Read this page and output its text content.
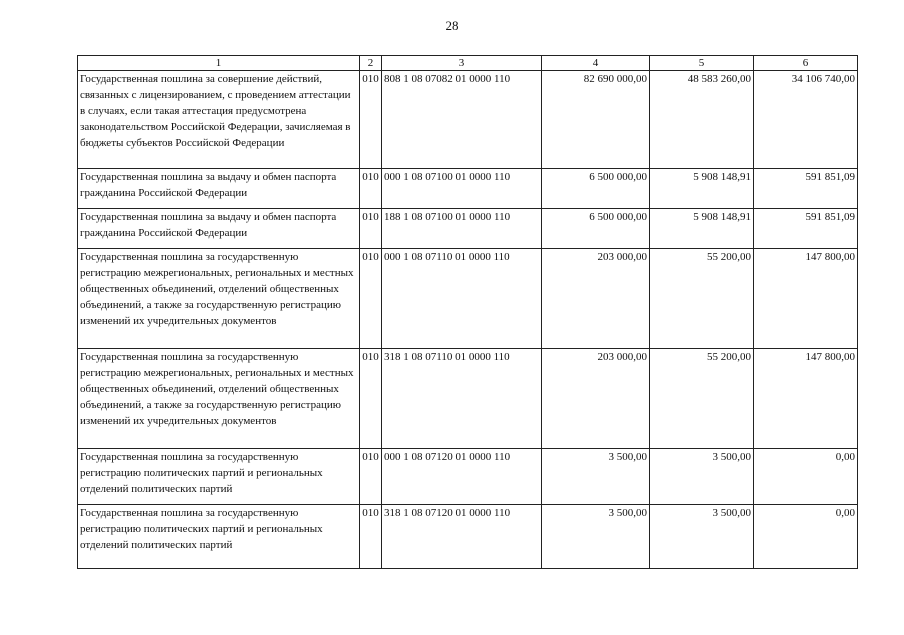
28
1	2	3	4	5	6
Государственная пошлина за совершение действий, связанных с лицензированием, с проведением аттестации в случаях, если такая аттестация предусмотрена законодательством Российской Федерации, зачисляемая в бюджеты субъектов Российской Федерации	010	808 1 08 07082 01 0000 110	82 690 000,00	48 583 260,00	34 106 740,00
Государственная пошлина за выдачу и обмен паспорта гражданина Российской Федерации	010	000 1 08 07100 01 0000 110	6 500 000,00	5 908 148,91	591 851,09
Государственная пошлина за выдачу и обмен паспорта гражданина Российской Федерации	010	188 1 08 07100 01 0000 110	6 500 000,00	5 908 148,91	591 851,09
Государственная пошлина за государственную регистрацию межрегиональных, региональных и местных общественных объединений, отделений общественных объединений, а также за государственную регистрацию изменений их учредительных документов	010	000 1 08 07110 01 0000 110	203 000,00	55 200,00	147 800,00
Государственная пошлина за государственную регистрацию межрегиональных, региональных и местных общественных объединений, отделений общественных объединений, а также за государственную регистрацию изменений их учредительных документов	010	318 1 08 07110 01 0000 110	203 000,00	55 200,00	147 800,00
Государственная пошлина за государственную регистрацию политических партий и региональных отделений политических партий	010	000 1 08 07120 01 0000 110	3 500,00	3 500,00	0,00
Государственная пошлина за государственную регистрацию политических партий и региональных отделений политических партий	010	318 1 08 07120 01 0000 110	3 500,00	3 500,00	0,00
